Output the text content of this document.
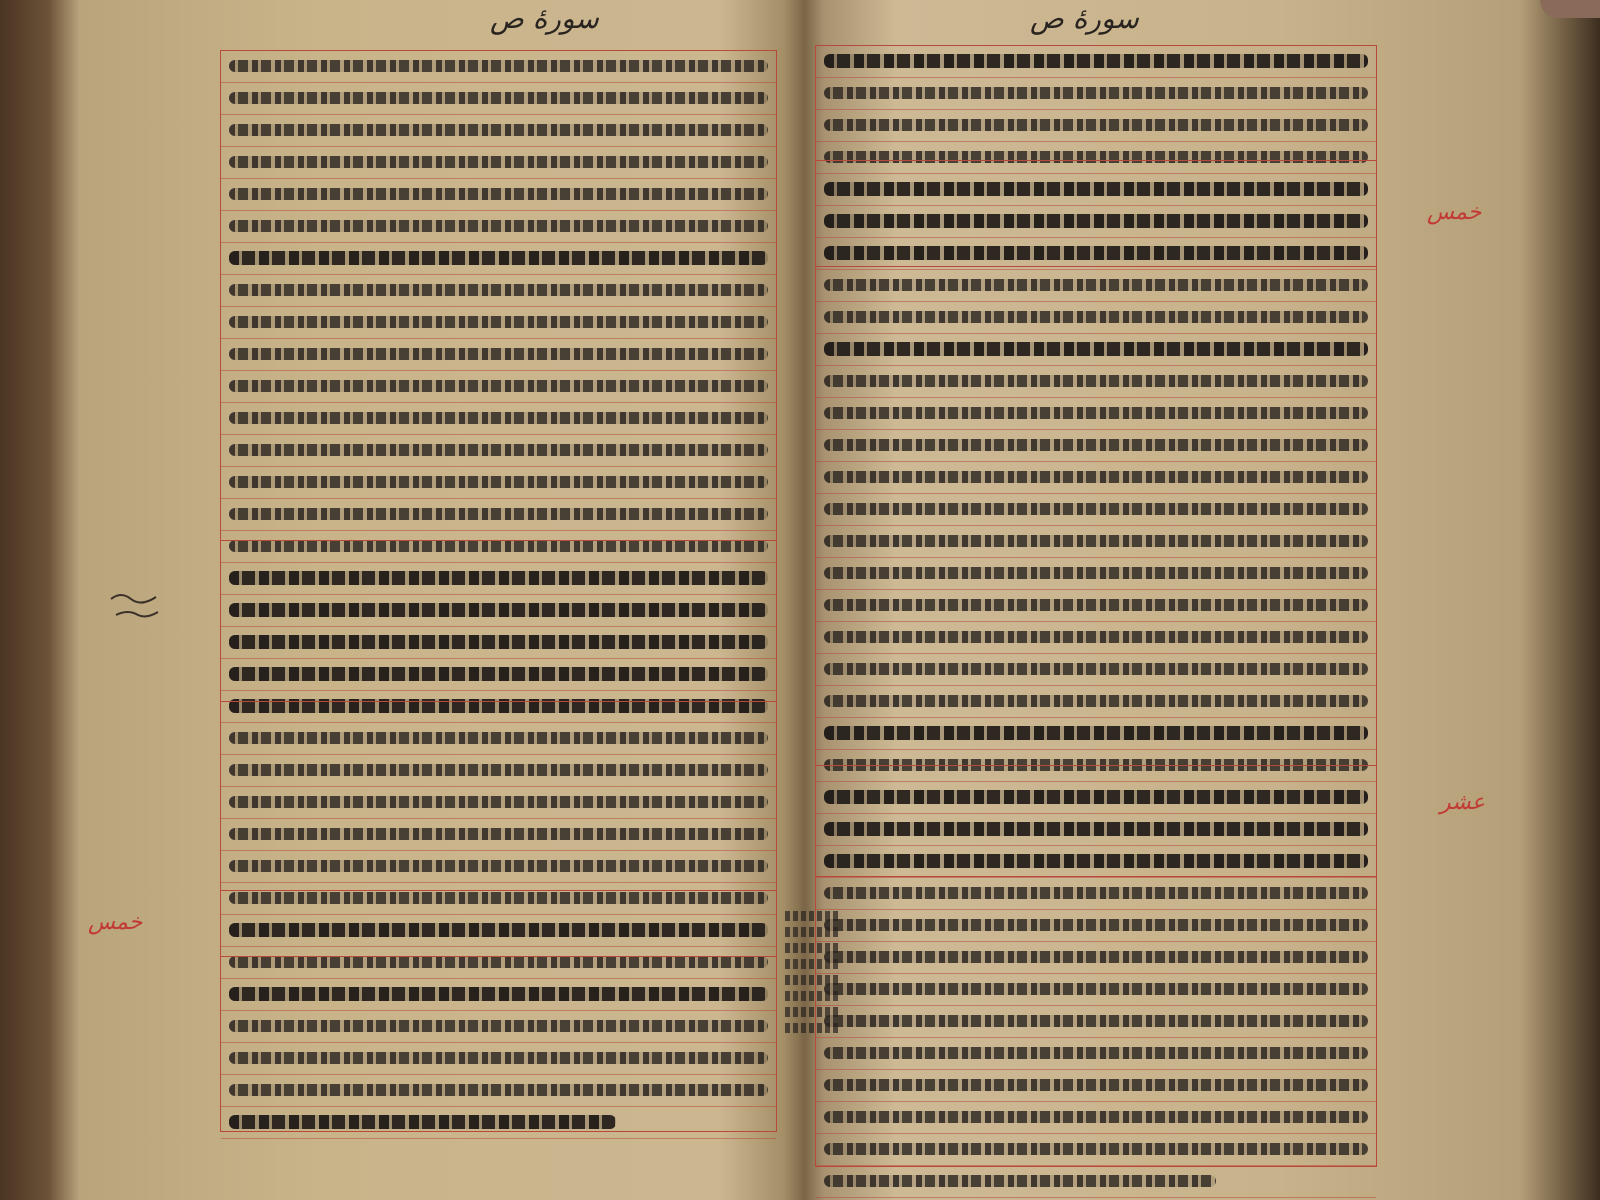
سورهٔ ص
خمس
سورهٔ ص
خمس
عشر
